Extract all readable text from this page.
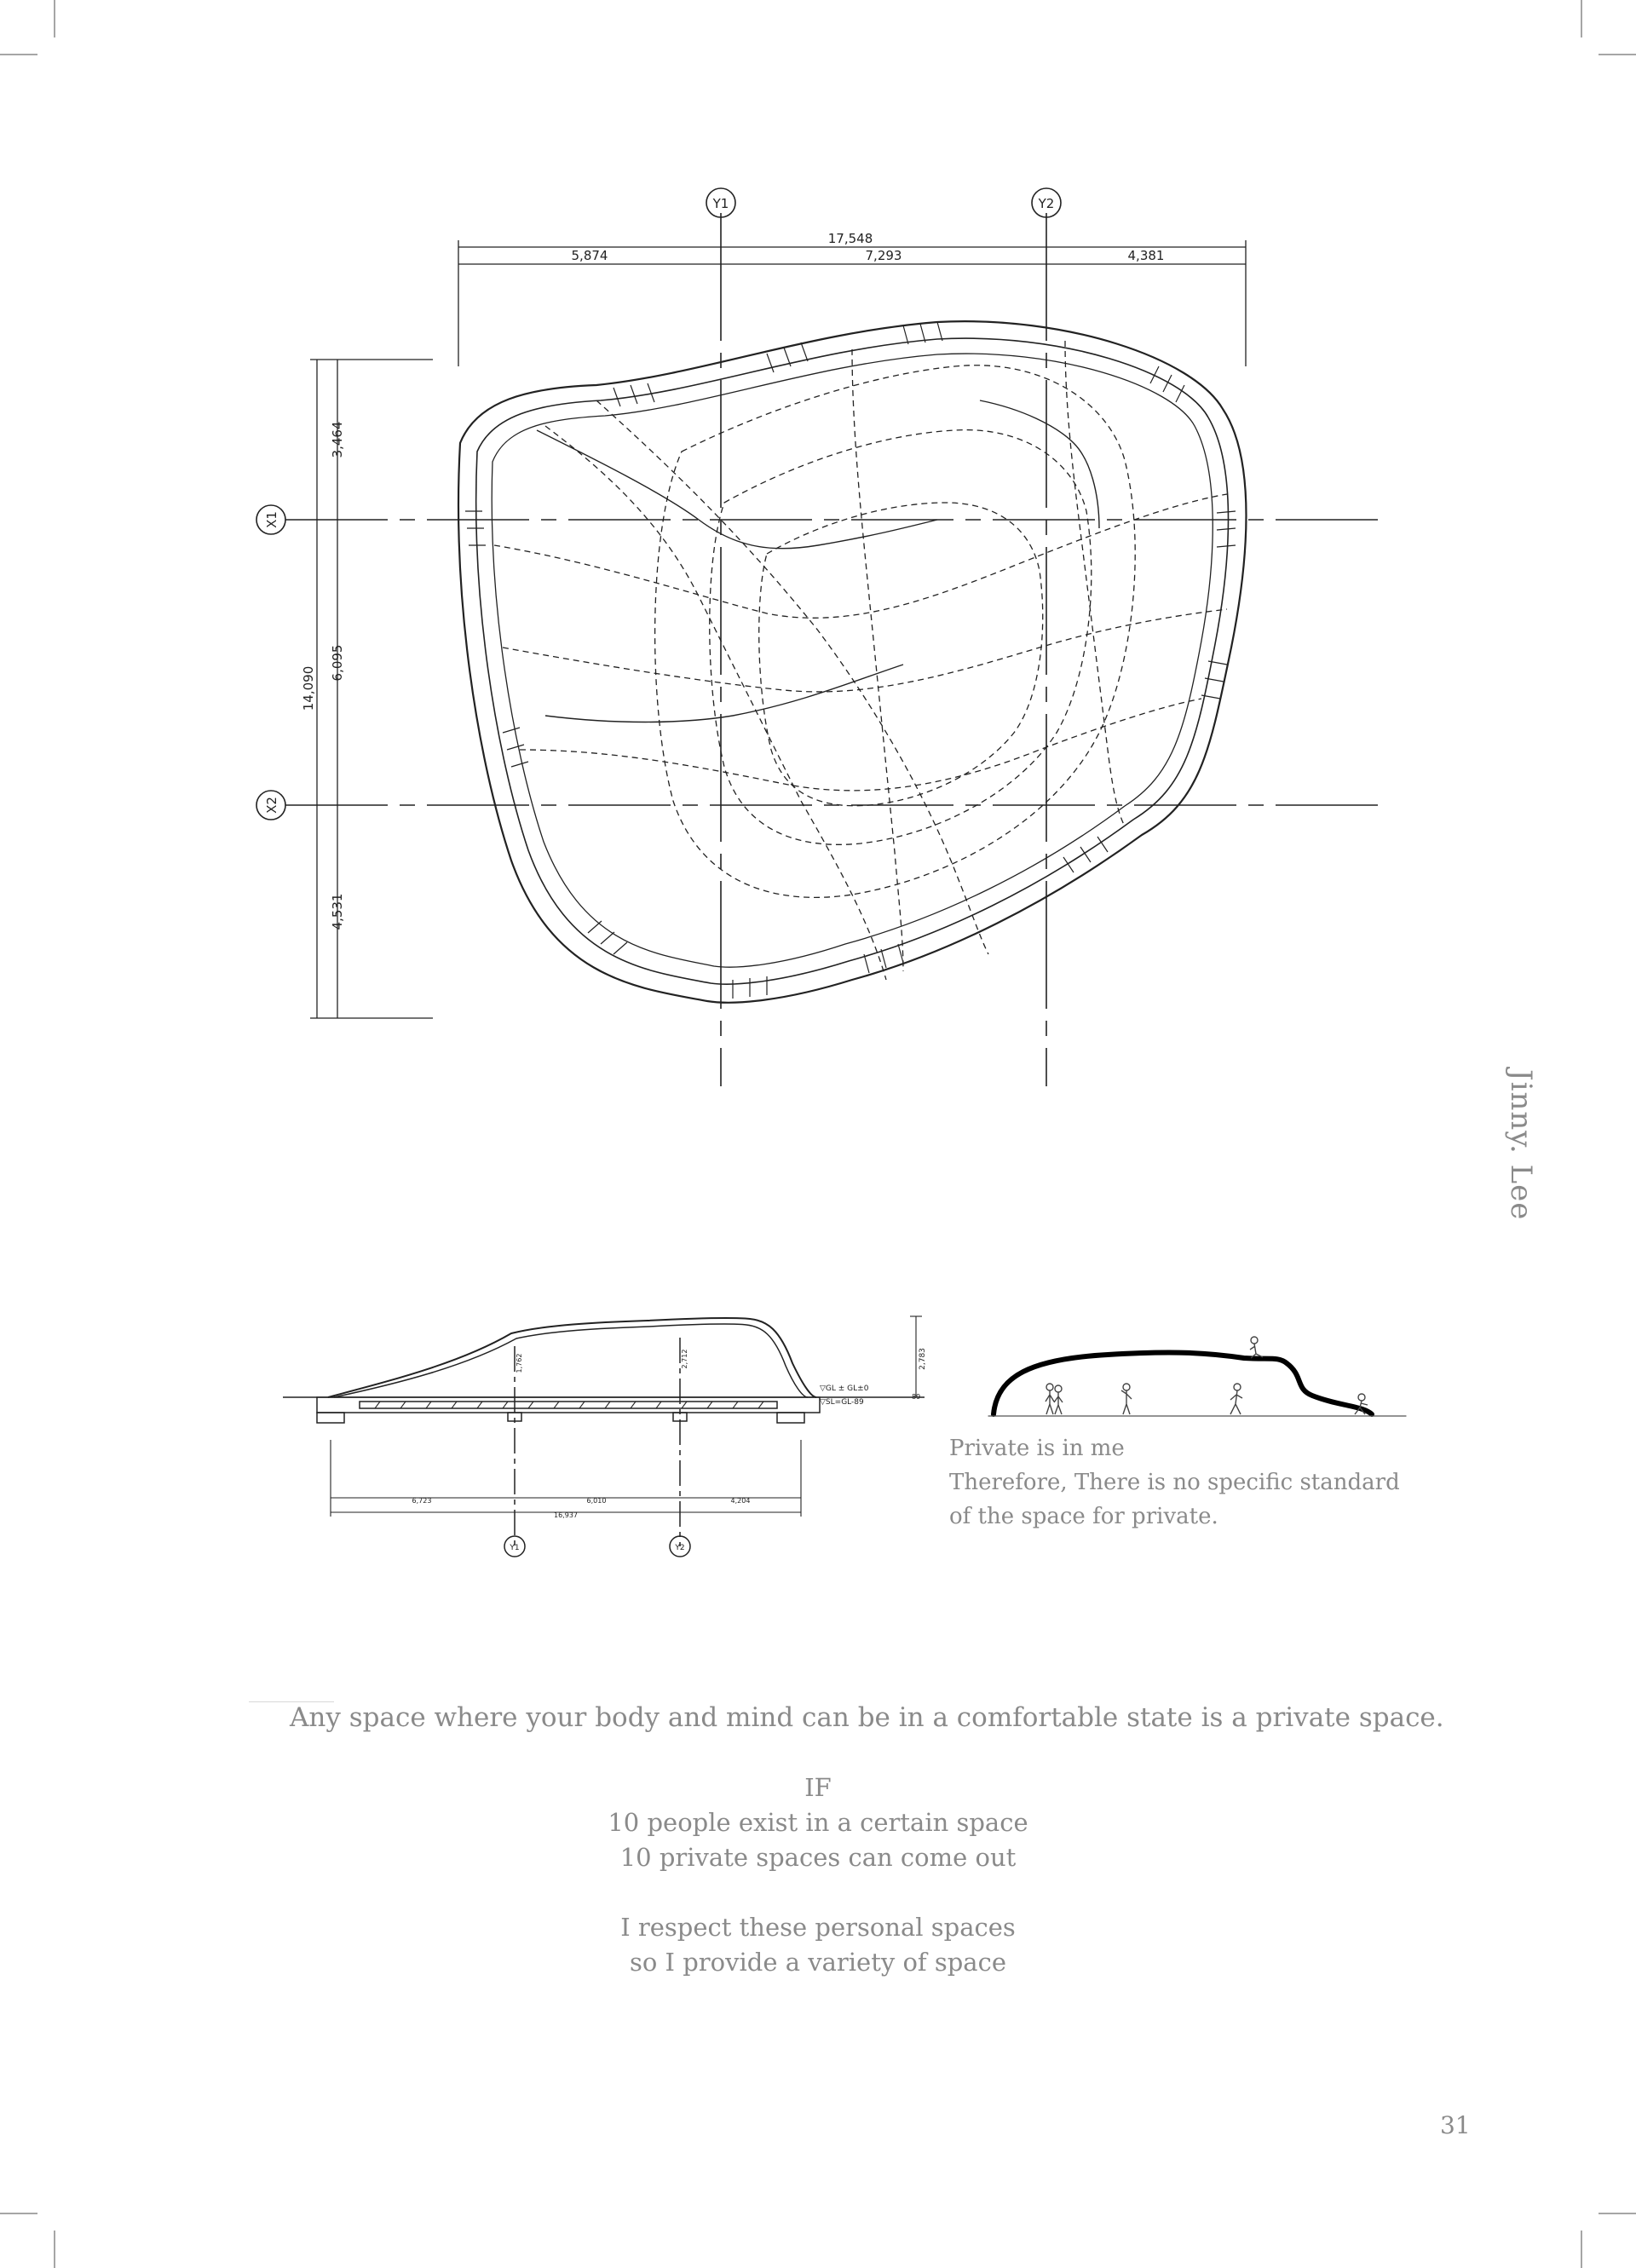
Y1	Y2
X1
X2
17,548
5,874	7,293	4,381
14,090
3,464
6,095
4,531
Y1	Y2
6,723	6,010	4,204
16,937
2,783
1,762	2,712
▽GL ± GL±0
▽SL=GL-89
89
Jinny. Lee
Private is in me
Therefore, There is no specific standard
of the space for private.
Any space where your body and mind can be in a comfortable state is a private space.
IF
10 people exist in a certain space
10 private spaces can come out
I respect these personal spaces
so I provide a variety of space
31
